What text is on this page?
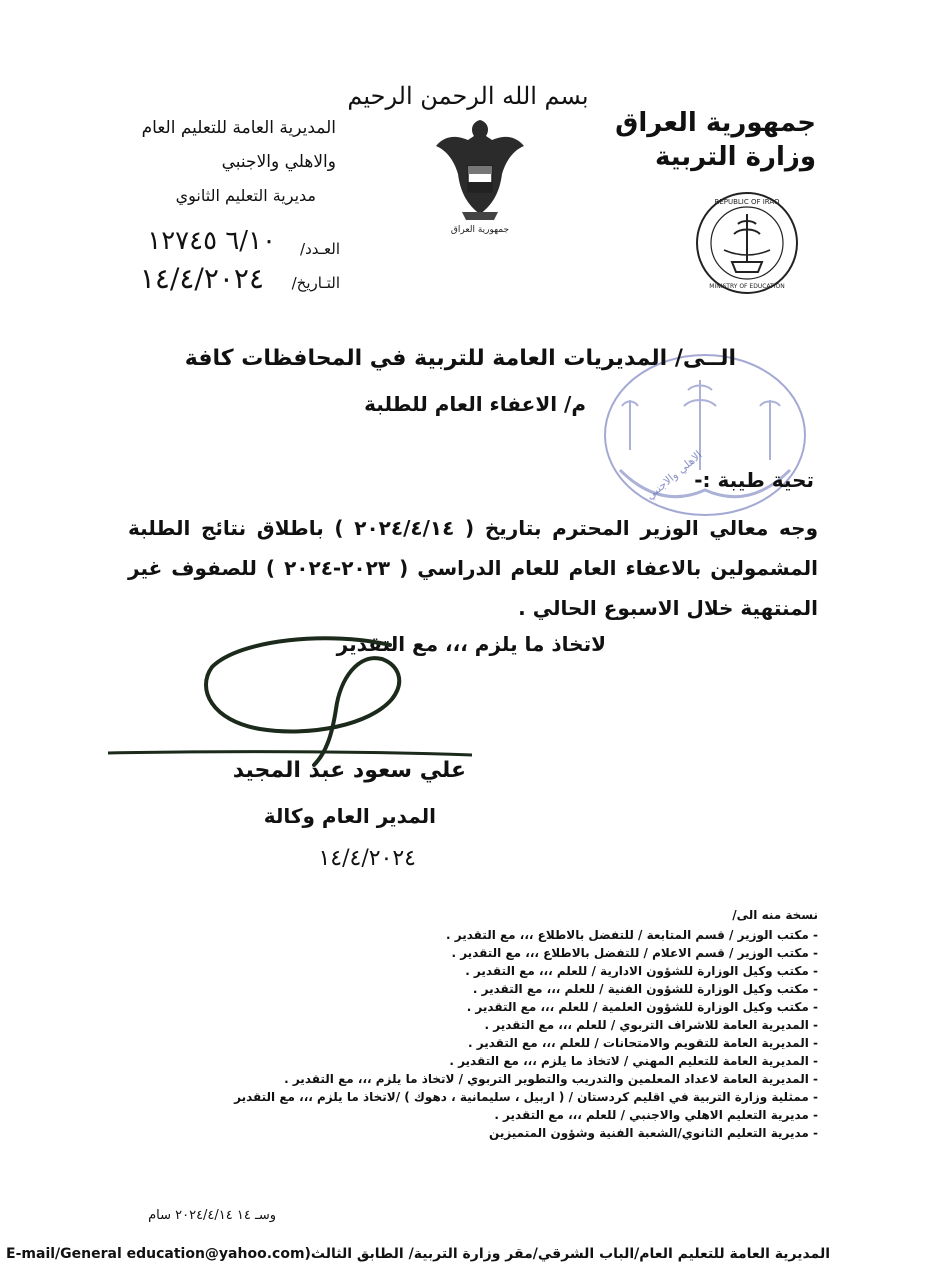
بسم الله الرحمن الرحيم
جمهورية العراق
وزارة التربية
المديرية العامة للتعليم العام
والاهلي والاجنبي
مديرية التعليم الثانوي
جمهورية العراق
REPUBLIC OF IRAQ
MINISTRY OF EDUCATION
العـدد/
٦/١٠ ١٢٧٤٥
التـاريخ/
١٤/٤/٢٠٢٤
الاهلي والاجنبي
الــى/ المديريات العامة للتربية في المحافظات كافة
م/ الاعفاء العام للطلبة
تحية طيبة :-
وجه معالي الوزير المحترم بتاريخ ( ٢٠٢٤/٤/١٤ ) باطلاق نتائج الطلبة المشمولين بالاعفاء العام للعام الدراسي ( ٢٠٢٣-٢٠٢٤ ) للصفوف غير المنتهية خلال الاسبوع الحالي .
لاتخاذ ما يلزم ،،، مع التقدير
علي سعود عبد المجيد
المدير العام وكالة
١٤/٤/٢٠٢٤
نسخة منه الى/
- مكتب الوزير / قسم المتابعة / للتفضل بالاطلاع ،،، مع التقدير .
- مكتب الوزير / قسم الاعلام / للتفضل بالاطلاع ،،، مع التقدير .
- مكتب وكيل الوزارة للشؤون الادارية / للعلم ،،، مع التقدير .
- مكتب وكيل الوزارة للشؤون الفنية / للعلم ،،، مع التقدير .
- مكتب وكيل الوزارة للشؤون العلمية / للعلم ،،، مع التقدير .
- المديرية العامة للاشراف التربوي / للعلم ،،، مع التقدير .
- المديرية العامة للتقويم والامتحانات / للعلم ،،، مع التقدير .
- المديرية العامة للتعليم المهني / لاتخاذ ما يلزم ،،، مع التقدير .
- المديرية العامة لاعداد المعلمين والتدريب والتطوير التربوي / لاتخاذ ما يلزم ،،، مع التقدير .
- ممثلية وزارة التربية في اقليم كردستان / ( اربيل ، سليمانية ، دهوك ) /لاتخاذ ما يلزم ،،، مع التقدير
- مديرية التعليم الاهلي والاجنبي / للعلم ،،، مع التقدير .
- مديرية التعليم الثانوي/الشعبة الفنية وشؤون المتميزين
وسـ ١٤ ٢٠٢٤/٤/١٤ سام
المديرية العامة للتعليم العام/الباب الشرقي/مقر وزارة التربية/ الطابق الثالث(E-mail/General education@yahoo.com
